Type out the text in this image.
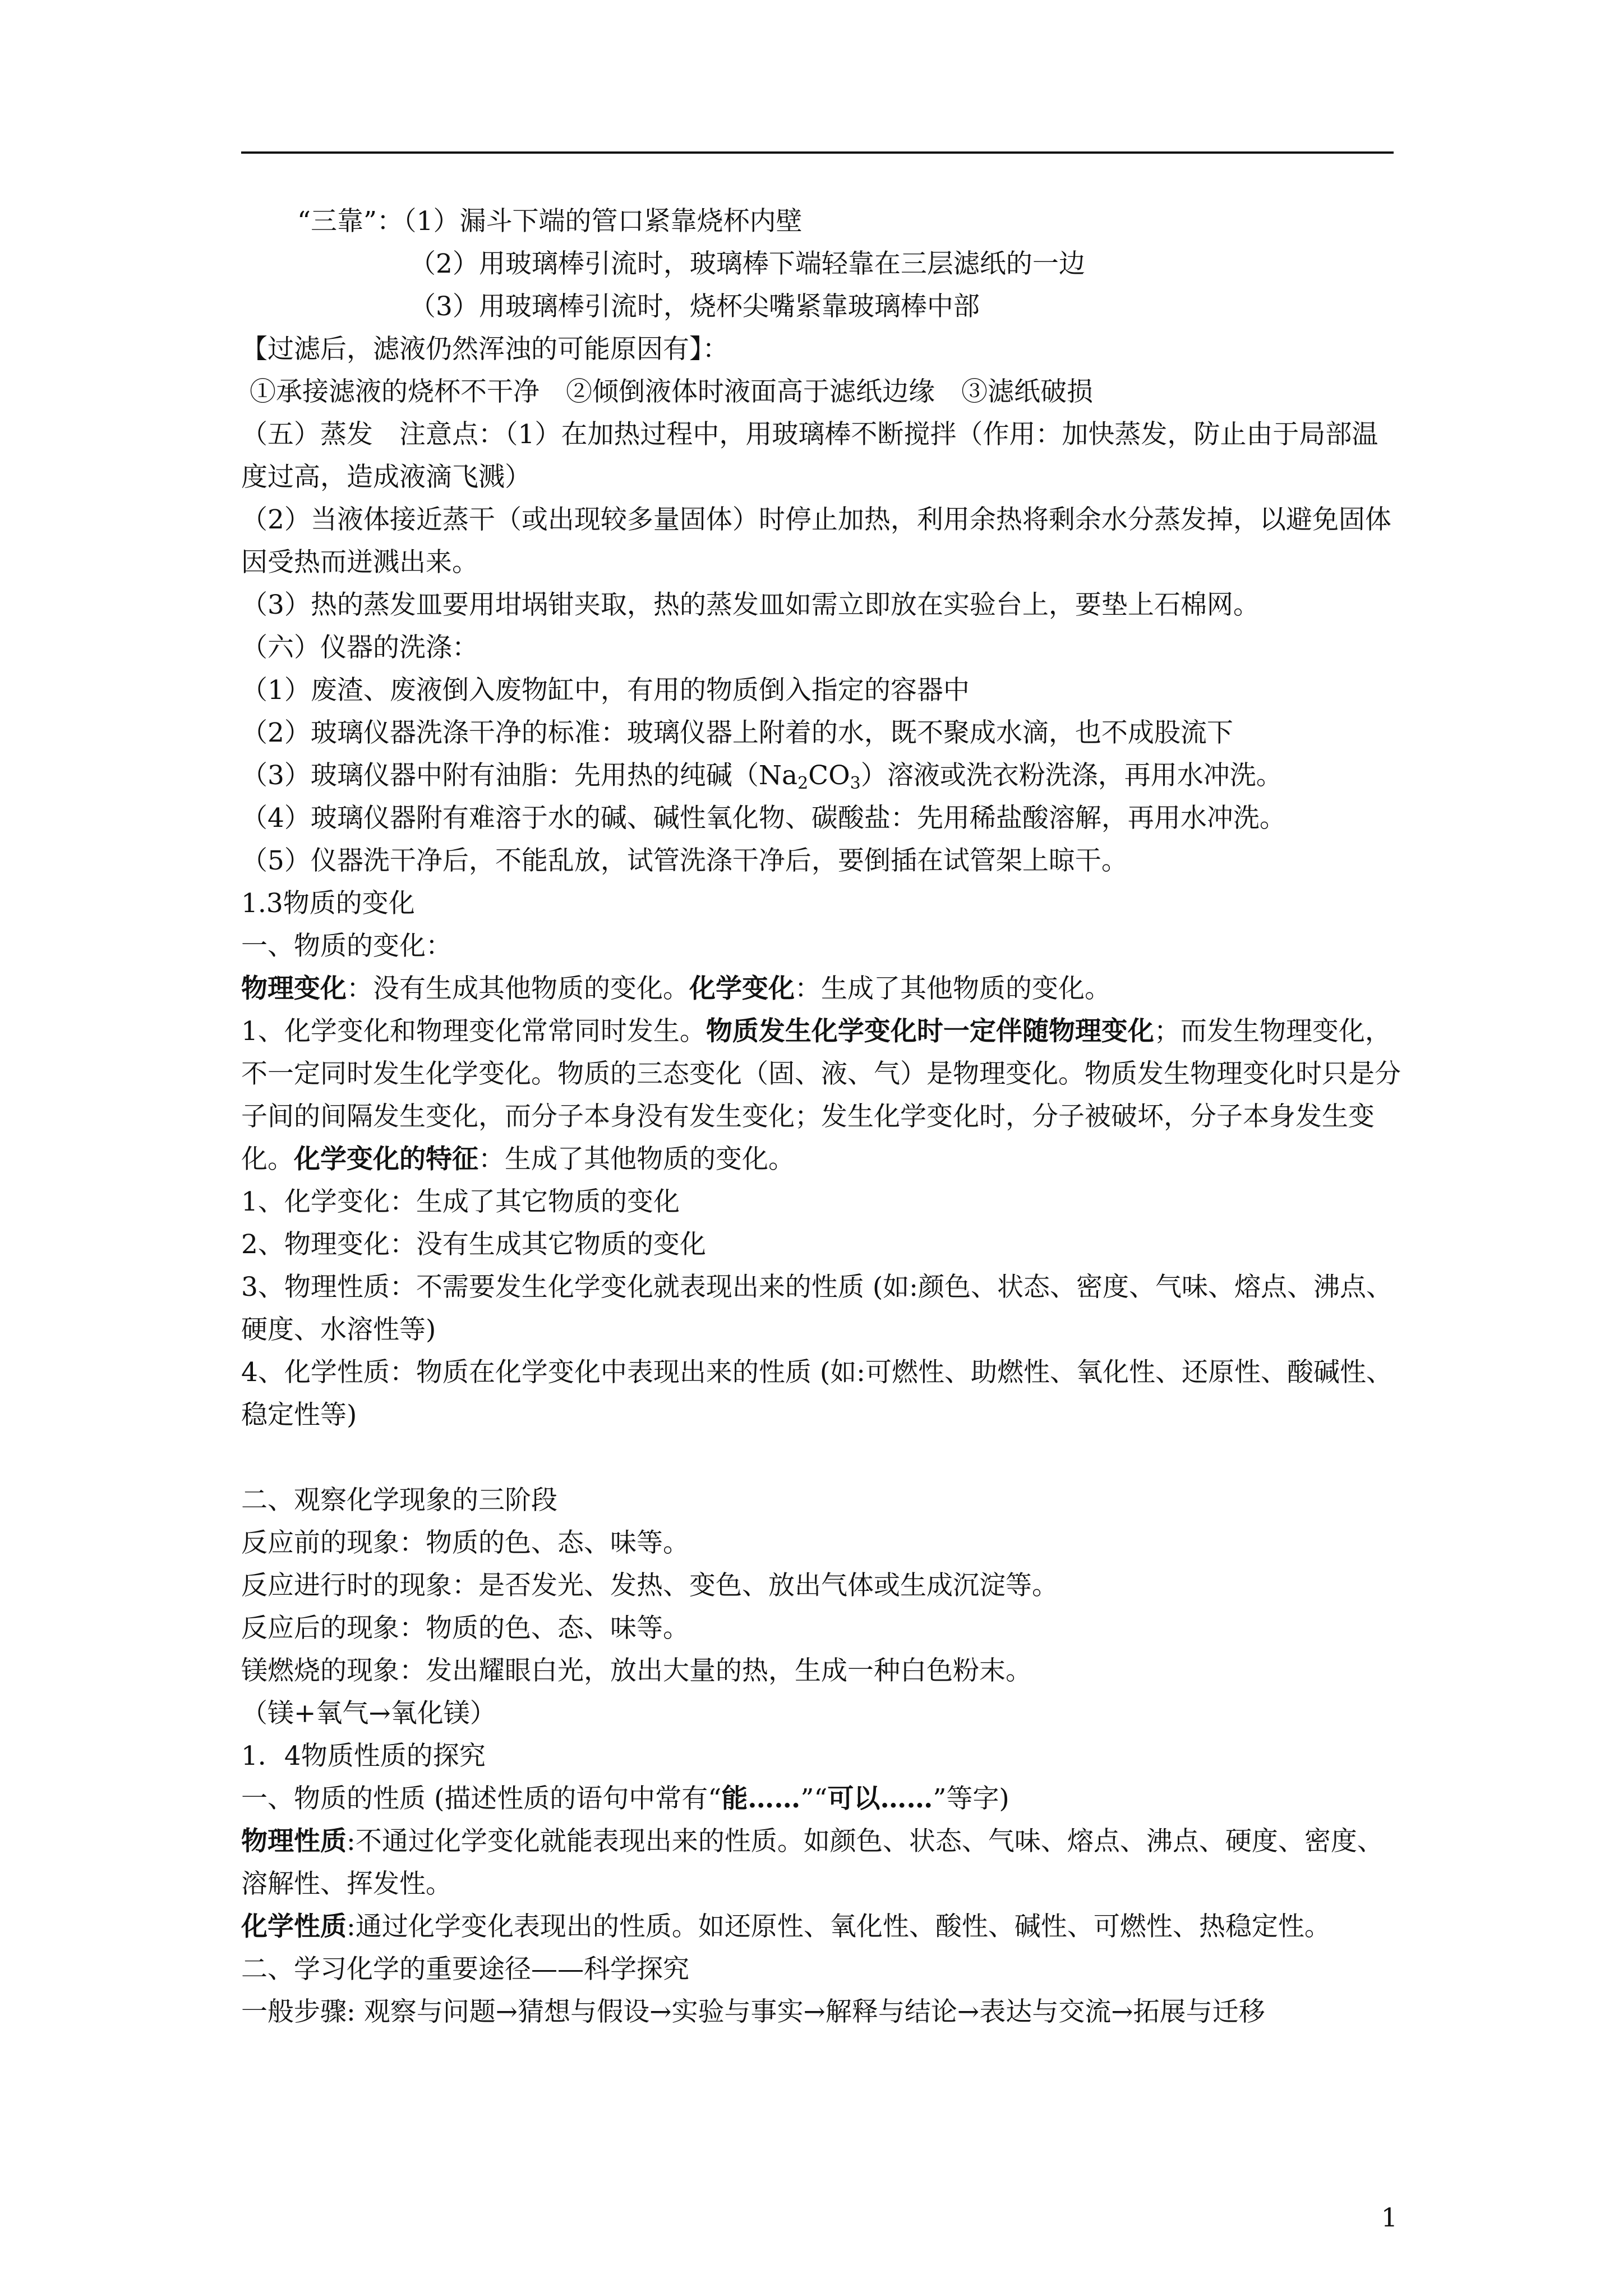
“三靠”：（1）漏斗下端的管口紧靠烧杯内壁

（2）用玻璃棒引流时，玻璃棒下端轻靠在三层滤纸的一边

（3）用玻璃棒引流时，烧杯尖嘴紧靠玻璃棒中部

【过滤后，滤液仍然浑浊的可能原因有】：

①承接滤液的烧杯不干净　②倾倒液体时液面高于滤纸边缘　③滤纸破损

（五）蒸发　注意点：（1）在加热过程中，用玻璃棒不断搅拌（作用：加快蒸发，防止由于局部温度过高，造成液滴飞溅）

（2）当液体接近蒸干（或出现较多量固体）时停止加热，利用余热将剩余水分蒸发掉，以避免固体因受热而迸溅出来。

（3）热的蒸发皿要用坩埚钳夹取，热的蒸发皿如需立即放在实验台上，要垫上石棉网。

（六）仪器的洗涤：

（1）废渣、废液倒入废物缸中，有用的物质倒入指定的容器中

（2）玻璃仪器洗涤干净的标准：玻璃仪器上附着的水，既不聚成水滴，也不成股流下

（3）玻璃仪器中附有油脂：先用热的纯碱$(Na_2CO_3)$溶液或洗衣粉洗涤，再用水冲洗。

（4）玻璃仪器附有难溶于水的碱、碱性氧化物、碳酸盐：先用稀盐酸溶解，再用水冲洗。

（5）仪器洗干净后，不能乱放，试管洗涤干净后，要倒插在试管架上晾干。

1.3物质的变化

一、物质的变化：

物理变化：没有生成其他物质的变化。化学变化：生成了其他物质的变化。

1、化学变化和物理变化常常同时发生。物质发生化学变化时一定伴随物理变化；而发生物理变化，不一定同时发生化学变化。物质的三态变化（固、液、气）是物理变化。物质发生物理变化时只是分子间的间隔发生变化，而分子本身没有发生变化；发生化学变化时，分子被破坏，分子本身发生变化。化学变化的特征：生成了其他物质的变化。

1、化学变化：生成了其它物质的变化

2、物理变化：没有生成其它物质的变化

3、物理性质：不需要发生化学变化就表现出来的性质 (如:颜色、状态、密度、气味、熔点、沸点、硬度、水溶性等)

4、化学性质：物质在化学变化中表现出来的性质 (如:可燃性、助燃性、氧化性、还原性、酸碱性、稳定性等)

二、观察化学现象的三阶段

反应前的现象：物质的色、态、味等。

反应进行时的现象：是否发光、发热、变色、放出气体或生成沉淀等。

反应后的现象：物质的色、态、味等。

镁燃烧的现象：发出耀眼白光，放出大量的热，生成一种白色粉末。

（镁+氧气→氧化镁）

1．4物质性质的探究

一、物质的性质 (描述性质的语句中常有“能……”“可以……”等字)

物理性质:不通过化学变化就能表现出来的性质。如颜色、状态、气味、熔点、沸点、硬度、密度、溶解性、挥发性。

化学性质:通过化学变化表现出的性质。如还原性、氧化性、酸性、碱性、可燃性、热稳定性。

二、学习化学的重要途径——科学探究

一般步骤: 观察与问题→猜想与假设→实验与事实→解释与结论→表达与交流→拓展与迁移

1
